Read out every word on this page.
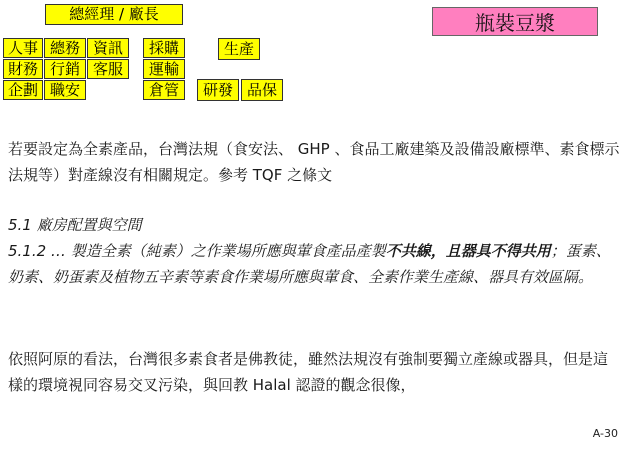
總經理 / 廠長
人事 總務 資訊
財務 行銷 客服
企劃 職安
採購
運輸
倉管
生產
研發 品保
瓶裝豆漿

若要設定為全素產品，台灣法規（食安法、 GHP 、食品工廠建築及設備設廠標準、素食標示法規等）對產線沒有相關規定。參考 TQF 之條文

5.1 廠房配置與空間

5.1.2 … 製造全素（純素）之作業場所應與葷食產品產製不共線，且器具不得共用；蛋素、奶素、奶蛋素及植物五辛素等素食作業場所應與葷食、全素作業生產線、器具有效區隔。

依照阿原的看法，台灣很多素食者是佛教徒，雖然法規沒有強制要獨立產線或器具，但是這樣的環境視同容易交叉污染，與回教 Halal 認證的觀念很像，

A-30
